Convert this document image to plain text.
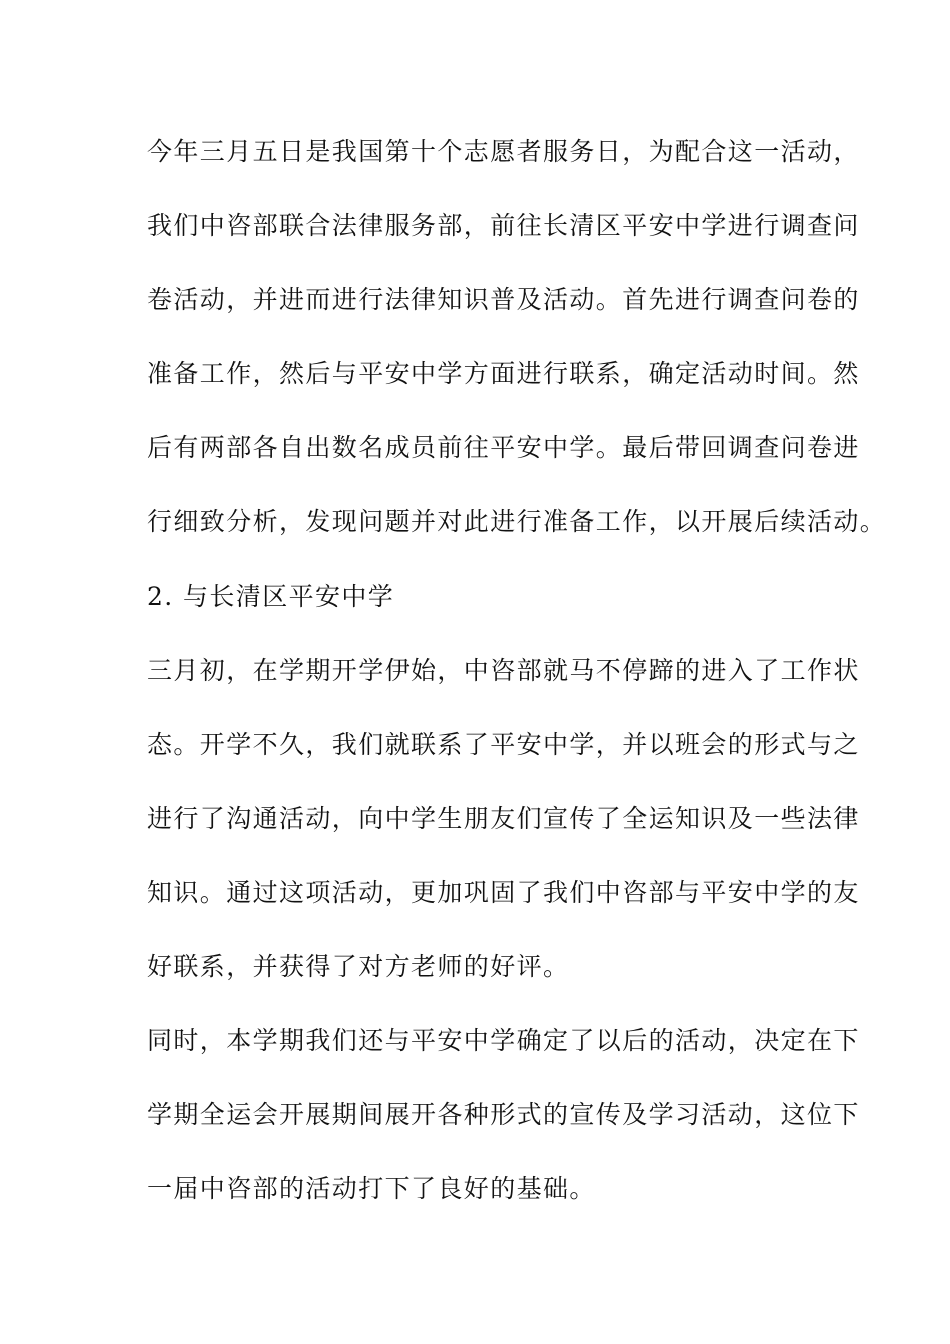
今年三月五日是我国第十个志愿者服务日，为配合这一活动，
我们中咨部联合法律服务部，前往长清区平安中学进行调查问
卷活动，并进而进行法律知识普及活动。首先进行调查问卷的
准备工作，然后与平安中学方面进行联系，确定活动时间。然
后有两部各自出数名成员前往平安中学。最后带回调查问卷进
行细致分析，发现问题并对此进行准备工作，以开展后续活动。
2. 与长清区平安中学
三月初，在学期开学伊始，中咨部就马不停蹄的进入了工作状
态。开学不久，我们就联系了平安中学，并以班会的形式与之
进行了沟通活动，向中学生朋友们宣传了全运知识及一些法律
知识。通过这项活动，更加巩固了我们中咨部与平安中学的友
好联系，并获得了对方老师的好评。
同时，本学期我们还与平安中学确定了以后的活动，决定在下
学期全运会开展期间展开各种形式的宣传及学习活动，这位下
一届中咨部的活动打下了良好的基础。
